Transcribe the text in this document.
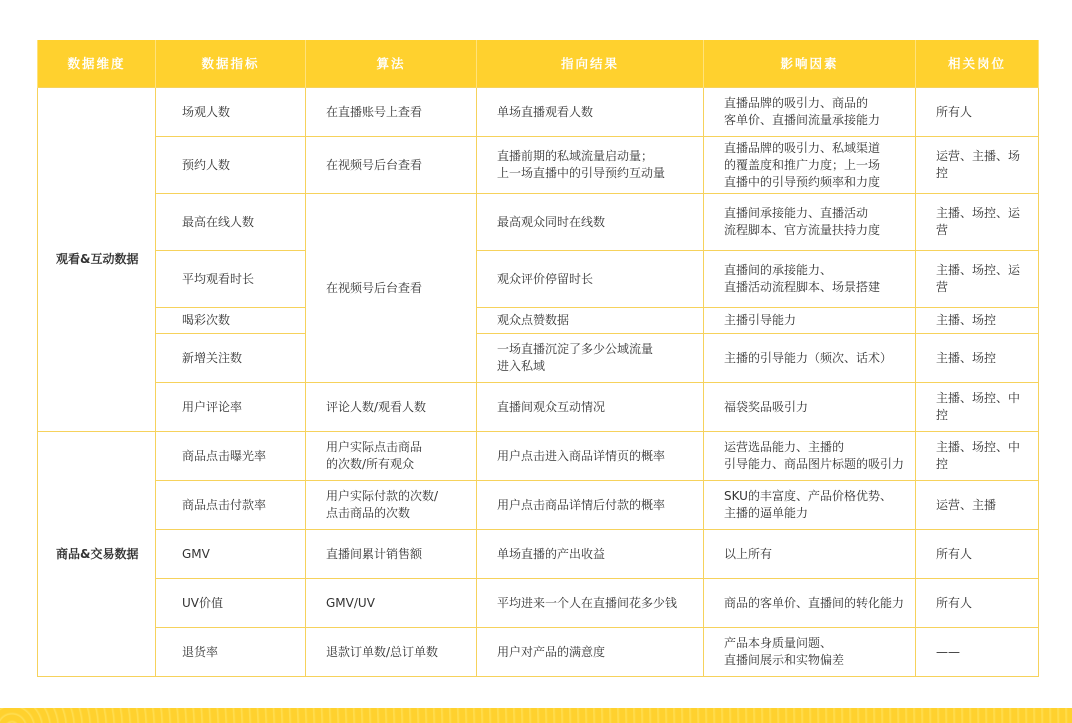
数据维度	数据指标	算法	指向结果	影响因素	相关岗位
观看&互动数据	场观人数	在直播账号上查看	单场直播观看人数	直播品牌的吸引力、商品的
客单价、直播间流量承接能力	所有人
	预约人数	在视频号后台查看	直播前期的私域流量启动量；
上一场直播中的引导预约互动量	直播品牌的吸引力、私域渠道
的覆盖度和推广力度；上一场
直播中的引导预约频率和力度	运营、主播、场控
	最高在线人数	在视频号后台查看	最高观众同时在线数	直播间承接能力、直播活动
流程脚本、官方流量扶持力度	主播、场控、运营
	平均观看时长		观众评价停留时长	直播间的承接能力、
直播活动流程脚本、场景搭建	主播、场控、运营
	喝彩次数		观众点赞数据	主播引导能力	主播、场控
	新增关注数		一场直播沉淀了多少公域流量
进入私域	主播的引导能力（频次、话术）	主播、场控
	用户评论率	评论人数/观看人数	直播间观众互动情况	福袋奖品吸引力	主播、场控、中控
商品&交易数据	商品点击曝光率	用户实际点击商品
的次数/所有观众	用户点击进入商品详情页的概率	运营选品能力、主播的
引导能力、商品图片标题的吸引力	主播、场控、中控
	商品点击付款率	用户实际付款的次数/
点击商品的次数	用户点击商品详情后付款的概率	SKU的丰富度、产品价格优势、
主播的逼单能力	运营、主播
	GMV	直播间累计销售额	单场直播的产出收益	以上所有	所有人
	UV价值	GMV/UV	平均进来一个人在直播间花多少钱	商品的客单价、直播间的转化能力	所有人
	退货率	退款订单数/总订单数	用户对产品的满意度	产品本身质量问题、
直播间展示和实物偏差	——
